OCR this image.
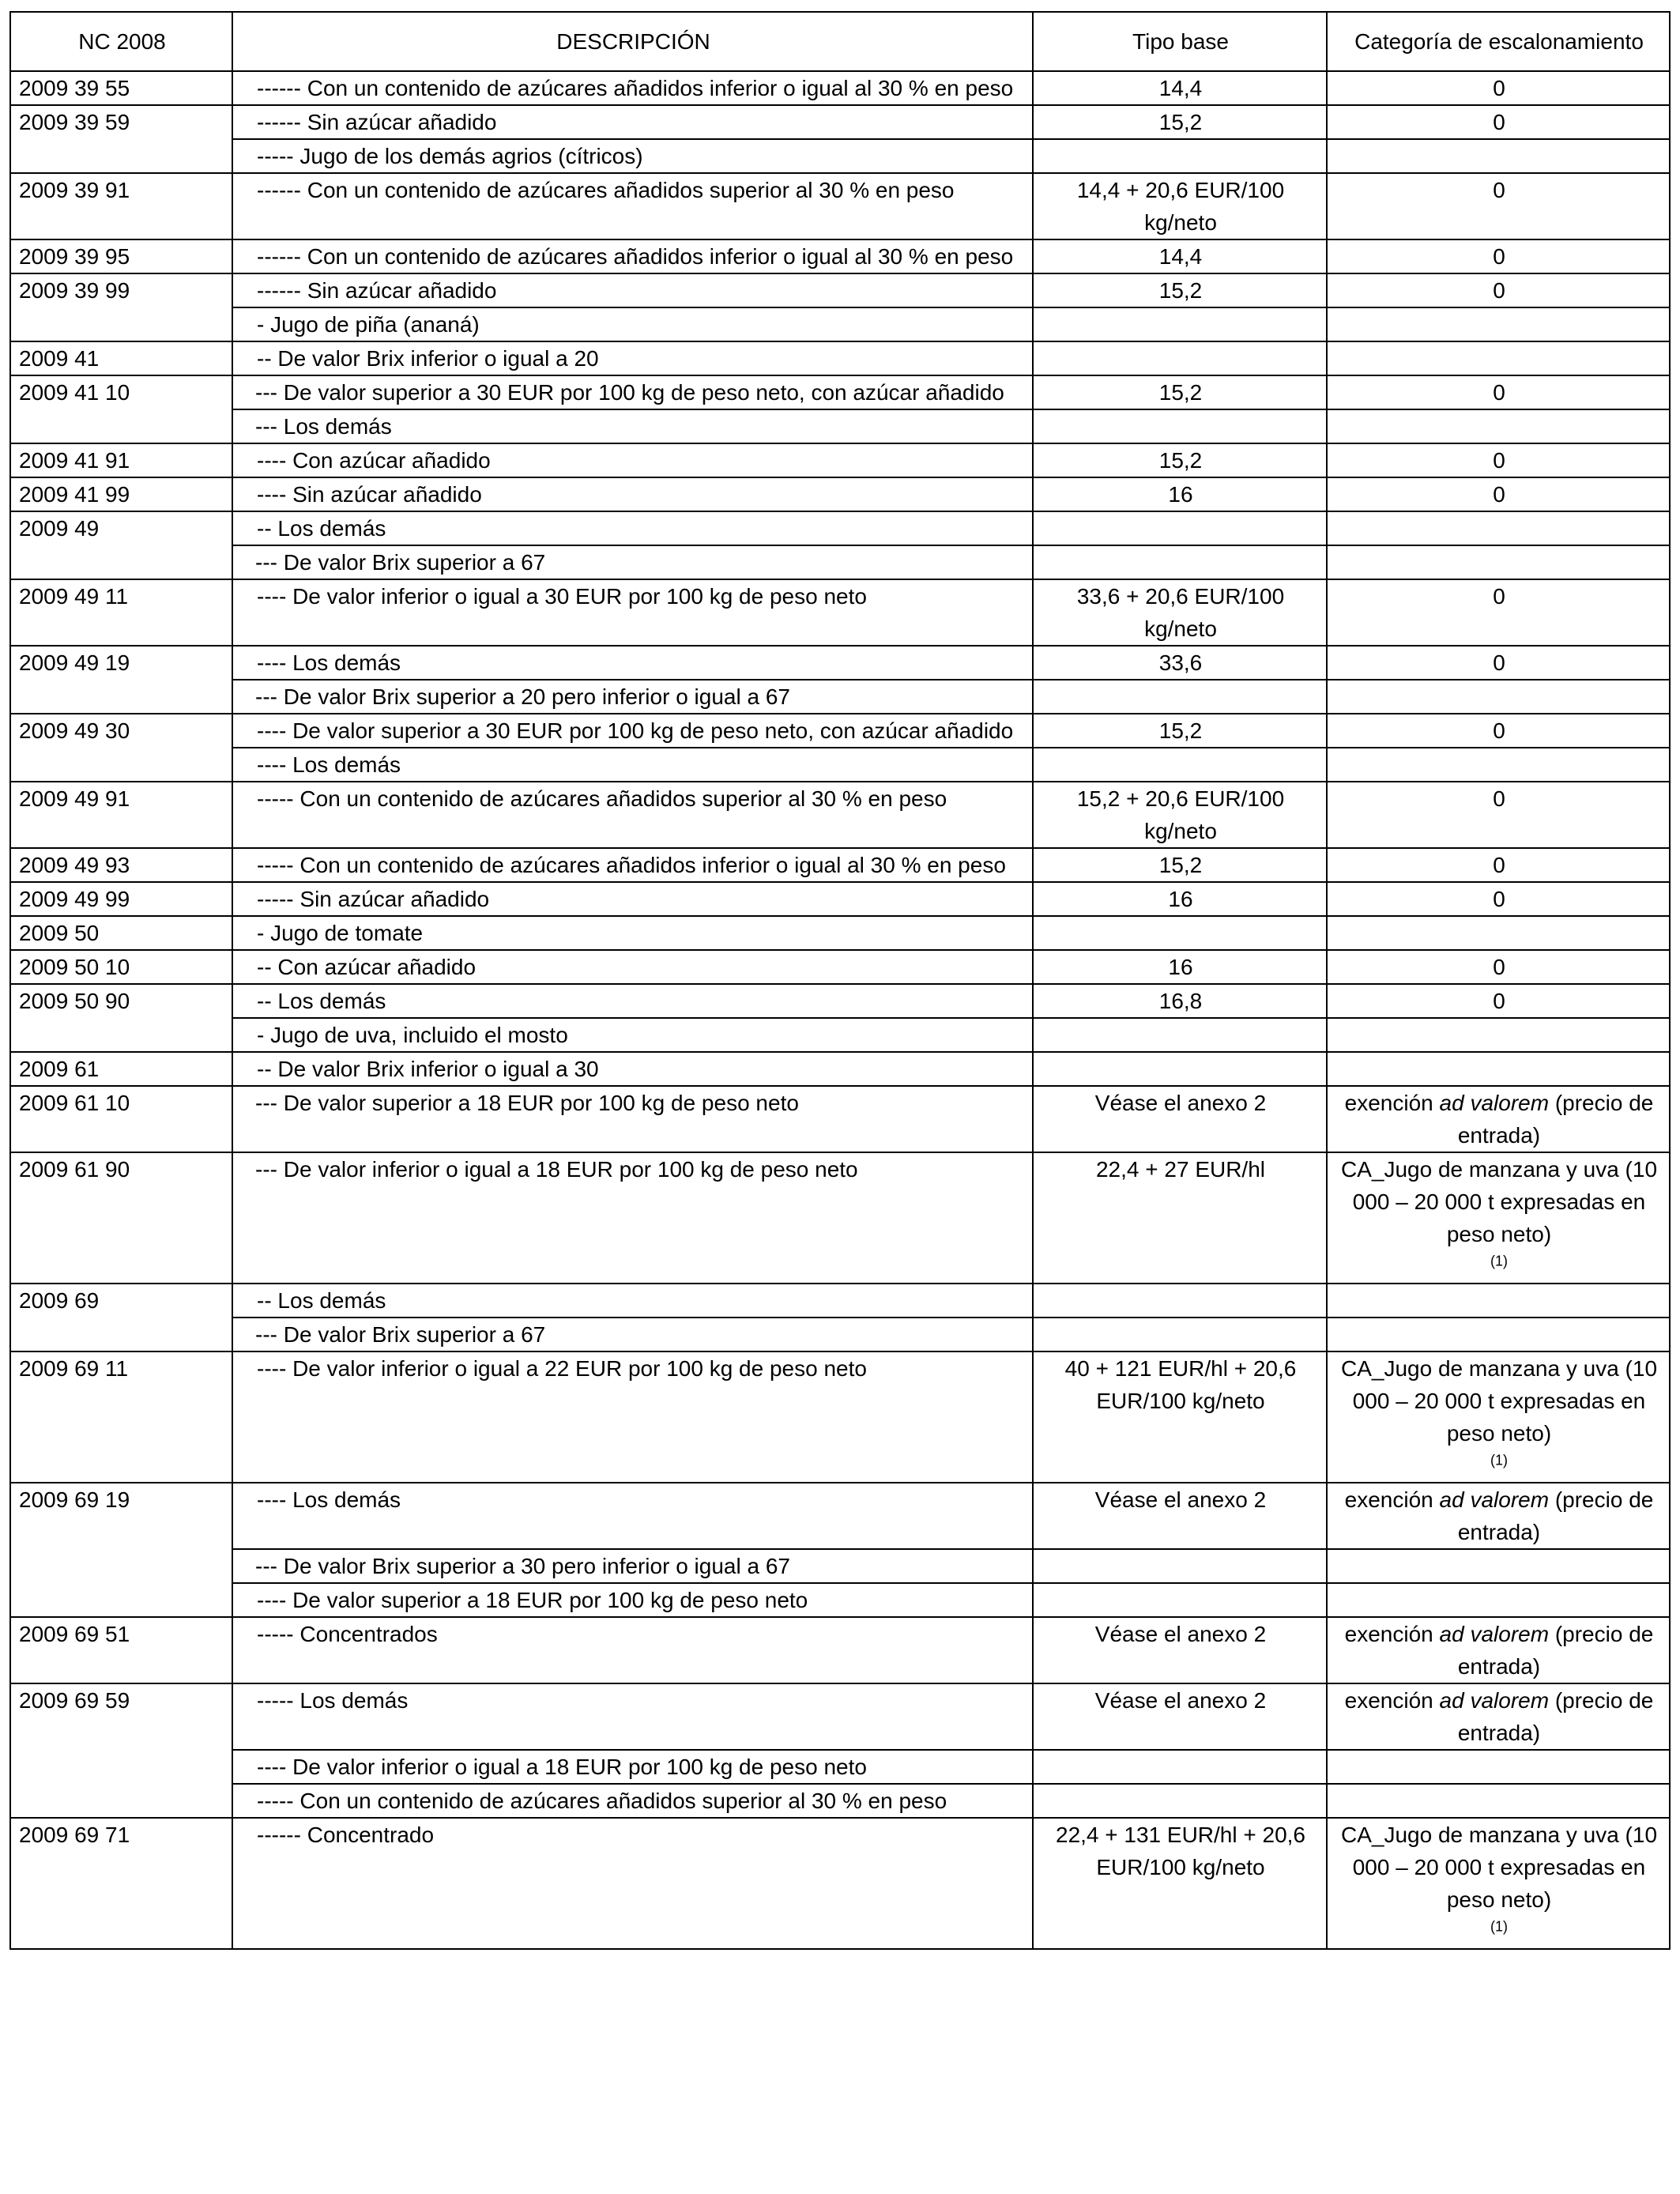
NC 2008	DESCRIPCIÓN	Tipo base	Categoría de escalonamiento
2009 39 55	------ Con un contenido de azúcares añadidos inferior o igual al 30 % en peso	14,4	0
2009 39 59	------ Sin azúcar añadido	15,2	0

	----- Jugo de los demás agrios (cítricos)		

2009 39 91	------ Con un contenido de azúcares añadidos superior al 30 % en peso	14,4 + 20,6 EUR/100 kg/neto	0
2009 39 95	------ Con un contenido de azúcares añadidos inferior o igual al 30 % en peso	14,4	0
2009 39 99	------ Sin azúcar añadido	15,2	0

	- Jugo de piña (ananá)		

2009 41	-- De valor Brix inferior o igual a 20		

2009 41 10	--- De valor superior a 30 EUR por 100 kg de peso neto, con azúcar añadido	15,2	0

	--- Los demás		

2009 41 91	---- Con azúcar añadido	15,2	0
2009 41 99	---- Sin azúcar añadido	16	0
2009 49	-- Los demás		

	--- De valor Brix superior a 67		

2009 49 11	---- De valor inferior o igual a 30 EUR por 100 kg de peso neto	33,6 + 20,6 EUR/100 kg/neto	0
2009 49 19	---- Los demás	33,6	0

	--- De valor Brix superior a 20 pero inferior o igual a 67		

2009 49 30	---- De valor superior a 30 EUR por 100 kg de peso neto, con azúcar añadido	15,2	0

	---- Los demás		

2009 49 91	----- Con un contenido de azúcares añadidos superior al 30 % en peso	15,2 + 20,6 EUR/100 kg/neto	0
2009 49 93	----- Con un contenido de azúcares añadidos inferior o igual al 30 % en peso	15,2	0
2009 49 99	----- Sin azúcar añadido	16	0
2009 50	- Jugo de tomate		

2009 50 10	-- Con azúcar añadido	16	0
2009 50 90	-- Los demás	16,8	0

	- Jugo de uva, incluido el mosto		

2009 61	-- De valor Brix inferior o igual a 30		

2009 61 10	--- De valor superior a 18 EUR por 100 kg de peso neto	Véase el anexo 2	exención ad valorem (precio de entrada)
2009 61 90	--- De valor inferior o igual a 18 EUR por 100 kg de peso neto	22,4 + 27 EUR/hl	CA_Jugo de manzana y uva (10 000 – 20 000 t expresadas en peso neto)
$^{(1)}$
2009 69	-- Los demás		

	--- De valor Brix superior a 67		

2009 69 11	---- De valor inferior o igual a 22 EUR por 100 kg de peso neto	40 + 121 EUR/hl + 20,6 EUR/100 kg/neto	CA_Jugo de manzana y uva (10 000 – 20 000 t expresadas en peso neto)
$^{(1)}$
2009 69 19	---- Los demás	Véase el anexo 2	exención ad valorem (precio de entrada)

	--- De valor Brix superior a 30 pero inferior o igual a 67		

	---- De valor superior a 18 EUR por 100 kg de peso neto		

2009 69 51	----- Concentrados	Véase el anexo 2	exención ad valorem (precio de entrada)
2009 69 59	----- Los demás	Véase el anexo 2	exención ad valorem (precio de entrada)

	---- De valor inferior o igual a 18 EUR por 100 kg de peso neto		

	----- Con un contenido de azúcares añadidos superior al 30 % en peso		

2009 69 71	------ Concentrado	22,4 + 131 EUR/hl + 20,6 EUR/100 kg/neto	CA_Jugo de manzana y uva (10 000 – 20 000 t expresadas en peso neto)
$^{(1)}$
